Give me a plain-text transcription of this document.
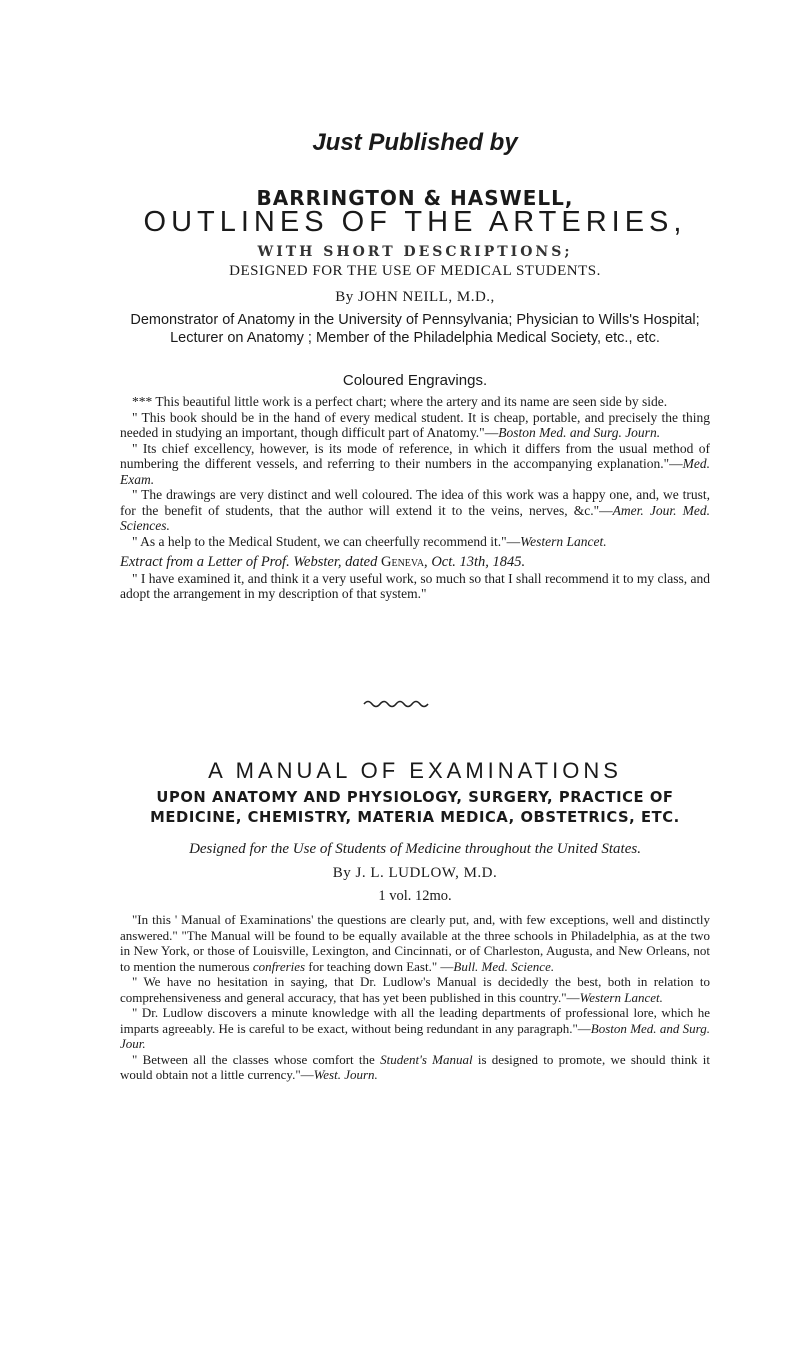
Just Published by
BARRINGTON & HASWELL,
OUTLINES OF THE ARTERIES,
WITH SHORT DESCRIPTIONS;
DESIGNED FOR THE USE OF MEDICAL STUDENTS.
By JOHN NEILL, M.D.,
Demonstrator of Anatomy in the University of Pennsylvania; Physician to Wills's Hospital; Lecturer on Anatomy ; Member of the Philadelphia Medical Society, etc., etc.
Coloured Engravings.

*** This beautiful little work is a perfect chart; where the artery and its name are seen side by side.

" This book should be in the hand of every medical student. It is cheap, portable, and precisely the thing needed in studying an important, though difficult part of Anatomy."—Boston Med. and Surg. Journ.

" Its chief excellency, however, is its mode of reference, in which it differs from the usual method of numbering the different vessels, and referring to their numbers in the accompanying explanation."—Med. Exam.

" The drawings are very distinct and well coloured. The idea of this work was a happy one, and, we trust, for the benefit of students, that the author will extend it to the veins, nerves, &c."—Amer. Jour. Med. Sciences.

" As a help to the Medical Student, we can cheerfully recommend it."—Western Lancet.

Extract from a Letter of Prof. Webster, dated Geneva, Oct. 13th, 1845.

" I have examined it, and think it a very useful work, so much so that I shall recommend it to my class, and adopt the arrangement in my description of that system."

A MANUAL OF EXAMINATIONS
UPON ANATOMY AND PHYSIOLOGY, SURGERY, PRACTICE OF MEDICINE, CHEMISTRY, MATERIA MEDICA, OBSTETRICS, ETC.
Designed for the Use of Students of Medicine throughout the United States.
By J. L. LUDLOW, M.D.
1 vol. 12mo.

"In this ' Manual of Examinations' the questions are clearly put, and, with few exceptions, well and distinctly answered." "The Manual will be found to be equally available at the three schools in Philadelphia, as at the two in New York, or those of Louisville, Lexington, and Cincinnati, or of Charleston, Augusta, and New Orleans, not to mention the numerous confreries for teaching down East." —Bull. Med. Science.

" We have no hesitation in saying, that Dr. Ludlow's Manual is decidedly the best, both in relation to comprehensiveness and general accuracy, that has yet been published in this country."—Western Lancet.

" Dr. Ludlow discovers a minute knowledge with all the leading departments of professional lore, which he imparts agreeably. He is careful to be exact, without being redundant in any paragraph."—Boston Med. and Surg. Jour.

" Between all the classes whose comfort the Student's Manual is designed to promote, we should think it would obtain not a little currency."—West. Journ.
